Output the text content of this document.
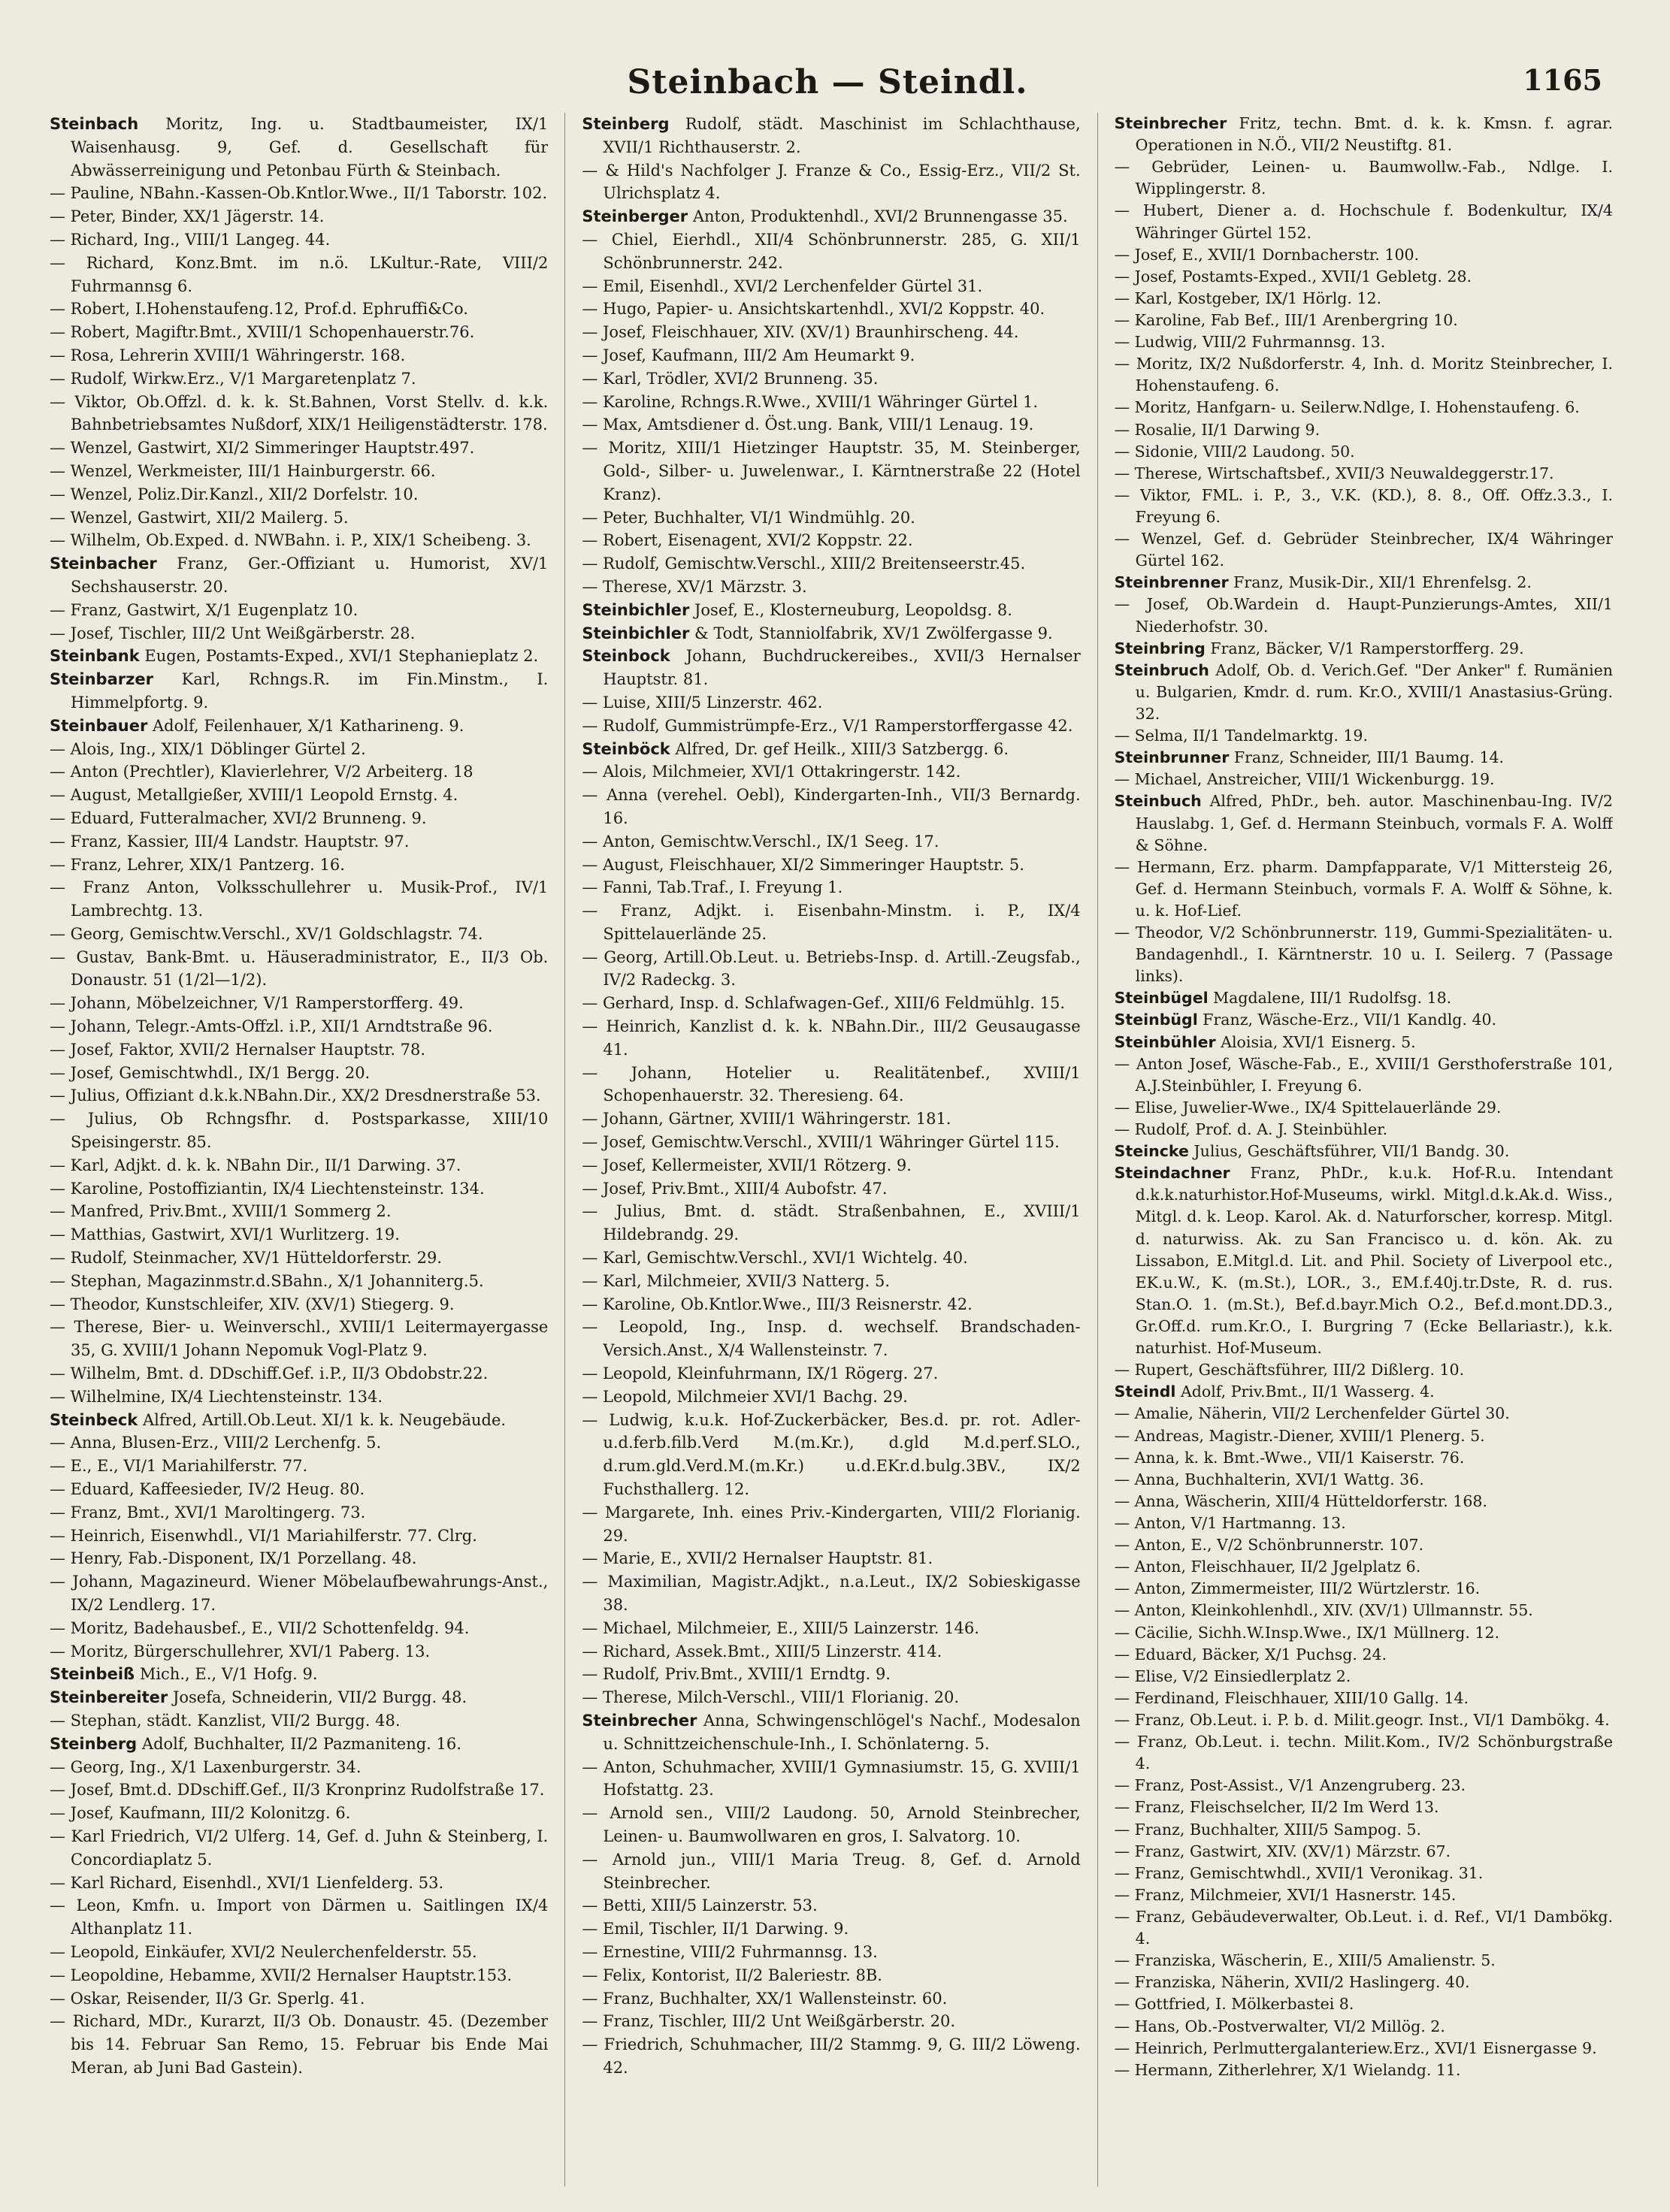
Steinbach — Steindl.	1165

Steinbach Moritz, Ing. u. Stadtbaumeister, IX/1 Waisenhausg. 9, Gef. d. Gesellschaft für Abwässerreinigung und Petonbau Fürth & Steinbach.

— Pauline, NBahn.-Kassen-Ob.Kntlor.Wwe., II/1 Taborstr. 102.

— Peter, Binder, XX/1 Jägerstr. 14.

— Richard, Ing., VIII/1 Langeg. 44.

— Richard, Konz.Bmt. im n.ö. LKultur.-Rate, VIII/2 Fuhrmannsg 6.

— Robert, I.Hohenstaufeng.12, Prof.d. Ephruffi&Co.

— Robert, Magiftr.Bmt., XVIII/1 Schopenhauerstr.76.

— Rosa, Lehrerin XVIII/1 Währingerstr. 168.

— Rudolf, Wirkw.Erz., V/1 Margaretenplatz 7.

— Viktor, Ob.Offzl. d. k. k. St.Bahnen, Vorst Stellv. d. k.k. Bahnbetriebsamtes Nußdorf, XIX/1 Heiligenstädterstr. 178.

— Wenzel, Gastwirt, XI/2 Simmeringer Hauptstr.497.

— Wenzel, Werkmeister, III/1 Hainburgerstr. 66.

— Wenzel, Poliz.Dir.Kanzl., XII/2 Dorfelstr. 10.

— Wenzel, Gastwirt, XII/2 Mailerg. 5.

— Wilhelm, Ob.Exped. d. NWBahn. i. P., XIX/1 Scheibeng. 3.

Steinbacher Franz, Ger.-Offiziant u. Humorist, XV/1 Sechshauserstr. 20.

— Franz, Gastwirt, X/1 Eugenplatz 10.

— Josef, Tischler, III/2 Unt Weißgärberstr. 28.

Steinbank Eugen, Postamts-Exped., XVI/1 Stephanieplatz 2.

Steinbarzer Karl, Rchngs.R. im Fin.Minstm., I. Himmelpfortg. 9.

Steinbauer Adolf, Feilenhauer, X/1 Katharineng. 9.

— Alois, Ing., XIX/1 Döblinger Gürtel 2.

— Anton (Prechtler), Klavierlehrer, V/2 Arbeiterg. 18

— August, Metallgießer, XVIII/1 Leopold Ernstg. 4.

— Eduard, Futteralmacher, XVI/2 Brunneng. 9.

— Franz, Kassier, III/4 Landstr. Hauptstr. 97.

— Franz, Lehrer, XIX/1 Pantzerg. 16.

— Franz Anton, Volksschullehrer u. Musik-Prof., IV/1 Lambrechtg. 13.

— Georg, Gemischtw.Verschl., XV/1 Goldschlagstr. 74.

— Gustav, Bank-Bmt. u. Häuseradministrator, E., II/3 Ob. Donaustr. 51 (1/2l—1/2).

— Johann, Möbelzeichner, V/1 Ramperstorfferg. 49.

— Johann, Telegr.-Amts-Offzl. i.P., XII/1 Arndtstraße 96.

— Josef, Faktor, XVII/2 Hernalser Hauptstr. 78.

— Josef, Gemischtwhdl., IX/1 Bergg. 20.

— Julius, Offiziant d.k.k.NBahn.Dir., XX/2 Dresdnerstraße 53.

— Julius, Ob Rchngsfhr. d. Postsparkasse, XIII/10 Speisingerstr. 85.

— Karl, Adjkt. d. k. k. NBahn Dir., II/1 Darwing. 37.

— Karoline, Postoffiziantin, IX/4 Liechtensteinstr. 134.

— Manfred, Priv.Bmt., XVIII/1 Sommerg 2.

— Matthias, Gastwirt, XVI/1 Wurlitzerg. 19.

— Rudolf, Steinmacher, XV/1 Hütteldorferstr. 29.

— Stephan, Magazinmstr.d.SBahn., X/1 Johanniterg.5.

— Theodor, Kunstschleifer, XIV. (XV/1) Stiegerg. 9.

— Therese, Bier- u. Weinverschl., XVIII/1 Leitermayergasse 35, G. XVIII/1 Johann Nepomuk Vogl-Platz 9.

— Wilhelm, Bmt. d. DDschiff.Gef. i.P., II/3 Obdobstr.22.

— Wilhelmine, IX/4 Liechtensteinstr. 134.

Steinbeck Alfred, Artill.Ob.Leut. XI/1 k. k. Neugebäude.

— Anna, Blusen-Erz., VIII/2 Lerchenfg. 5.

— E., E., VI/1 Mariahilferstr. 77.

— Eduard, Kaffeesieder, IV/2 Heug. 80.

— Franz, Bmt., XVI/1 Maroltingerg. 73.

— Heinrich, Eisenwhdl., VI/1 Mariahilferstr. 77. Clrg.

— Henry, Fab.-Disponent, IX/1 Porzellang. 48.

— Johann, Magazineurd. Wiener Möbelaufbewahrungs-Anst., IX/2 Lendlerg. 17.

— Moritz, Badehausbef., E., VII/2 Schottenfeldg. 94.

— Moritz, Bürgerschullehrer, XVI/1 Paberg. 13.

Steinbeiß Mich., E., V/1 Hofg. 9.

Steinbereiter Josefa, Schneiderin, VII/2 Burgg. 48.

— Stephan, städt. Kanzlist, VII/2 Burgg. 48.

Steinberg Adolf, Buchhalter, II/2 Pazmaniteng. 16.

— Georg, Ing., X/1 Laxenburgerstr. 34.

— Josef, Bmt.d. DDschiff.Gef., II/3 Kronprinz Rudolfstraße 17.

— Josef, Kaufmann, III/2 Kolonitzg. 6.

— Karl Friedrich, VI/2 Ulferg. 14, Gef. d. Juhn & Steinberg, I. Concordiaplatz 5.

— Karl Richard, Eisenhdl., XVI/1 Lienfelderg. 53.

— Leon, Kmfn. u. Import von Därmen u. Saitlingen IX/4 Althanplatz 11.

— Leopold, Einkäufer, XVI/2 Neulerchenfelderstr. 55.

— Leopoldine, Hebamme, XVII/2 Hernalser Hauptstr.153.

— Oskar, Reisender, II/3 Gr. Sperlg. 41.

— Richard, MDr., Kurarzt, II/3 Ob. Donaustr. 45. (Dezember bis 14. Februar San Remo, 15. Februar bis Ende Mai Meran, ab Juni Bad Gastein).

Steinberg Rudolf, städt. Maschinist im Schlachthause, XVII/1 Richthauserstr. 2.

— & Hild's Nachfolger J. Franze & Co., Essig-Erz., VII/2 St. Ulrichsplatz 4.

Steinberger Anton, Produktenhdl., XVI/2 Brunnengasse 35.

— Chiel, Eierhdl., XII/4 Schönbrunnerstr. 285, G. XII/1 Schönbrunnerstr. 242.

— Emil, Eisenhdl., XVI/2 Lerchenfelder Gürtel 31.

— Hugo, Papier- u. Ansichtskartenhdl., XVI/2 Koppstr. 40.

— Josef, Fleischhauer, XIV. (XV/1) Braunhirscheng. 44.

— Josef, Kaufmann, III/2 Am Heumarkt 9.

— Karl, Trödler, XVI/2 Brunneng. 35.

— Karoline, Rchngs.R.Wwe., XVIII/1 Währinger Gürtel 1.

— Max, Amtsdiener d. Öst.ung. Bank, VIII/1 Lenaug. 19.

— Moritz, XIII/1 Hietzinger Hauptstr. 35, M. Steinberger, Gold-, Silber- u. Juwelenwar., I. Kärntnerstraße 22 (Hotel Kranz).

— Peter, Buchhalter, VI/1 Windmühlg. 20.

— Robert, Eisenagent, XVI/2 Koppstr. 22.

— Rudolf, Gemischtw.Verschl., XIII/2 Breitenseerstr.45.

— Therese, XV/1 Märzstr. 3.

Steinbichler Josef, E., Klosterneuburg, Leopoldsg. 8.

Steinbichler & Todt, Stanniolfabrik, XV/1 Zwölfergasse 9.

Steinbock Johann, Buchdruckereibes., XVII/3 Hernalser Hauptstr. 81.

— Luise, XIII/5 Linzerstr. 462.

— Rudolf, Gummistrümpfe-Erz., V/1 Ramperstorffergasse 42.

Steinböck Alfred, Dr. gef Heilk., XIII/3 Satzbergg. 6.

— Alois, Milchmeier, XVI/1 Ottakringerstr. 142.

— Anna (verehel. Oebl), Kindergarten-Inh., VII/3 Bernardg. 16.

— Anton, Gemischtw.Verschl., IX/1 Seeg. 17.

— August, Fleischhauer, XI/2 Simmeringer Hauptstr. 5.

— Fanni, Tab.Traf., I. Freyung 1.

— Franz, Adjkt. i. Eisenbahn-Minstm. i. P., IX/4 Spittelauerlände 25.

— Georg, Artill.Ob.Leut. u. Betriebs-Insp. d. Artill.-Zeugsfab., IV/2 Radeckg. 3.

— Gerhard, Insp. d. Schlafwagen-Gef., XIII/6 Feldmühlg. 15.

— Heinrich, Kanzlist d. k. k. NBahn.Dir., III/2 Geusaugasse 41.

— Johann, Hotelier u. Realitätenbef., XVIII/1 Schopenhauerstr. 32. Theresieng. 64.

— Johann, Gärtner, XVIII/1 Währingerstr. 181.

— Josef, Gemischtw.Verschl., XVIII/1 Währinger Gürtel 115.

— Josef, Kellermeister, XVII/1 Rötzerg. 9.

— Josef, Priv.Bmt., XIII/4 Aubofstr. 47.

— Julius, Bmt. d. städt. Straßenbahnen, E., XVIII/1 Hildebrandg. 29.

— Karl, Gemischtw.Verschl., XVI/1 Wichtelg. 40.

— Karl, Milchmeier, XVII/3 Natterg. 5.

— Karoline, Ob.Kntlor.Wwe., III/3 Reisnerstr. 42.

— Leopold, Ing., Insp. d. wechself. Brandschaden-Versich.Anst., X/4 Wallensteinstr. 7.

— Leopold, Kleinfuhrmann, IX/1 Rögerg. 27.

— Leopold, Milchmeier XVI/1 Bachg. 29.

— Ludwig, k.u.k. Hof-Zuckerbäcker, Bes.d. pr. rot. Adler-u.d.ferb.filb.Verd M.(m.Kr.), d.gld M.d.perf.SLO., d.rum.gld.Verd.M.(m.Kr.) u.d.EKr.d.bulg.3BV., IX/2 Fuchsthallerg. 12.

— Margarete, Inh. eines Priv.-Kindergarten, VIII/2 Florianig. 29.

— Marie, E., XVII/2 Hernalser Hauptstr. 81.

— Maximilian, Magistr.Adjkt., n.a.Leut., IX/2 Sobieskigasse 38.

— Michael, Milchmeier, E., XIII/5 Lainzerstr. 146.

— Richard, Assek.Bmt., XIII/5 Linzerstr. 414.

— Rudolf, Priv.Bmt., XVIII/1 Erndtg. 9.

— Therese, Milch-Verschl., VIII/1 Florianig. 20.

Steinbrecher Anna, Schwingenschlögel's Nachf., Modesalon u. Schnittzeichenschule-Inh., I. Schönlaterng. 5.

— Anton, Schuhmacher, XVIII/1 Gymnasiumstr. 15, G. XVIII/1 Hofstattg. 23.

— Arnold sen., VIII/2 Laudong. 50, Arnold Steinbrecher, Leinen- u. Baumwollwaren en gros, I. Salvatorg. 10.

— Arnold jun., VIII/1 Maria Treug. 8, Gef. d. Arnold Steinbrecher.

— Betti, XIII/5 Lainzerstr. 53.

— Emil, Tischler, II/1 Darwing. 9.

— Ernestine, VIII/2 Fuhrmannsg. 13.

— Felix, Kontorist, II/2 Baleriestr. 8B.

— Franz, Buchhalter, XX/1 Wallensteinstr. 60.

— Franz, Tischler, III/2 Unt Weißgärberstr. 20.

— Friedrich, Schuhmacher, III/2 Stammg. 9, G. III/2 Löweng. 42.

Steinbrecher Fritz, techn. Bmt. d. k. k. Kmsn. f. agrar. Operationen in N.Ö., VII/2 Neustiftg. 81.

— Gebrüder, Leinen- u. Baumwollw.-Fab., Ndlge. I. Wipplingerstr. 8.

— Hubert, Diener a. d. Hochschule f. Bodenkultur, IX/4 Währinger Gürtel 152.

— Josef, E., XVII/1 Dornbacherstr. 100.

— Josef, Postamts-Exped., XVII/1 Gebletg. 28.

— Karl, Kostgeber, IX/1 Hörlg. 12.

— Karoline, Fab Bef., III/1 Arenbergring 10.

— Ludwig, VIII/2 Fuhrmannsg. 13.

— Moritz, IX/2 Nußdorferstr. 4, Inh. d. Moritz Steinbrecher, I. Hohenstaufeng. 6.

— Moritz, Hanfgarn- u. Seilerw.Ndlge, I. Hohenstaufeng. 6.

— Rosalie, II/1 Darwing 9.

— Sidonie, VIII/2 Laudong. 50.

— Therese, Wirtschaftsbef., XVII/3 Neuwaldeggerstr.17.

— Viktor, FML. i. P., 3., V.K. (KD.), 8. 8., Off. Offz.3.3., I. Freyung 6.

— Wenzel, Gef. d. Gebrüder Steinbrecher, IX/4 Währinger Gürtel 162.

Steinbrenner Franz, Musik-Dir., XII/1 Ehrenfelsg. 2.

— Josef, Ob.Wardein d. Haupt-Punzierungs-Amtes, XII/1 Niederhofstr. 30.

Steinbring Franz, Bäcker, V/1 Ramperstorfferg. 29.

Steinbruch Adolf, Ob. d. Verich.Gef. "Der Anker" f. Rumänien u. Bulgarien, Kmdr. d. rum. Kr.O., XVIII/1 Anastasius-Grüng. 32.

— Selma, II/1 Tandelmarktg. 19.

Steinbrunner Franz, Schneider, III/1 Baumg. 14.

— Michael, Anstreicher, VIII/1 Wickenburgg. 19.

Steinbuch Alfred, PhDr., beh. autor. Maschinenbau-Ing. IV/2 Hauslabg. 1, Gef. d. Hermann Steinbuch, vormals F. A. Wolff & Söhne.

— Hermann, Erz. pharm. Dampfapparate, V/1 Mittersteig 26, Gef. d. Hermann Steinbuch, vormals F. A. Wolff & Söhne, k. u. k. Hof-Lief.

— Theodor, V/2 Schönbrunnerstr. 119, Gummi-Spezialitäten- u. Bandagenhdl., I. Kärntnerstr. 10 u. I. Seilerg. 7 (Passage links).

Steinbügel Magdalene, III/1 Rudolfsg. 18.

Steinbügl Franz, Wäsche-Erz., VII/1 Kandlg. 40.

Steinbühler Aloisia, XVI/1 Eisnerg. 5.

— Anton Josef, Wäsche-Fab., E., XVIII/1 Gersthoferstraße 101, A.J.Steinbühler, I. Freyung 6.

— Elise, Juwelier-Wwe., IX/4 Spittelauerlände 29.

— Rudolf, Prof. d. A. J. Steinbühler.

Steincke Julius, Geschäftsführer, VII/1 Bandg. 30.

Steindachner Franz, PhDr., k.u.k. Hof-R.u. Intendant d.k.k.naturhistor.Hof-Museums, wirkl. Mitgl.d.k.Ak.d. Wiss., Mitgl. d. k. Leop. Karol. Ak. d. Naturforscher, korresp. Mitgl. d. naturwiss. Ak. zu San Francisco u. d. kön. Ak. zu Lissabon, E.Mitgl.d. Lit. and Phil. Society of Liverpool etc., EK.u.W., K. (m.St.), LOR., 3., EM.f.40j.tr.Dste, R. d. rus. Stan.O. 1. (m.St.), Bef.d.bayr.Mich O.2., Bef.d.mont.DD.3., Gr.Off.d. rum.Kr.O., I. Burgring 7 (Ecke Bellariastr.), k.k. naturhist. Hof-Museum.

— Rupert, Geschäftsführer, III/2 Dißlerg. 10.

Steindl Adolf, Priv.Bmt., II/1 Wasserg. 4.

— Amalie, Näherin, VII/2 Lerchenfelder Gürtel 30.

— Andreas, Magistr.-Diener, XVIII/1 Plenerg. 5.

— Anna, k. k. Bmt.-Wwe., VII/1 Kaiserstr. 76.

— Anna, Buchhalterin, XVI/1 Wattg. 36.

— Anna, Wäscherin, XIII/4 Hütteldorferstr. 168.

— Anton, V/1 Hartmanng. 13.

— Anton, E., V/2 Schönbrunnerstr. 107.

— Anton, Fleischhauer, II/2 Jgelplatz 6.

— Anton, Zimmermeister, III/2 Würtzlerstr. 16.

— Anton, Kleinkohlenhdl., XIV. (XV/1) Ullmannstr. 55.

— Cäcilie, Sichh.W.Insp.Wwe., IX/1 Müllnerg. 12.

— Eduard, Bäcker, X/1 Puchsg. 24.

— Elise, V/2 Einsiedlerplatz 2.

— Ferdinand, Fleischhauer, XIII/10 Gallg. 14.

— Franz, Ob.Leut. i. P. b. d. Milit.geogr. Inst., VI/1 Dambökg. 4.

— Franz, Ob.Leut. i. techn. Milit.Kom., IV/2 Schönburgstraße 4.

— Franz, Post-Assist., V/1 Anzengruberg. 23.

— Franz, Fleischselcher, II/2 Im Werd 13.

— Franz, Buchhalter, XIII/5 Sampog. 5.

— Franz, Gastwirt, XIV. (XV/1) Märzstr. 67.

— Franz, Gemischtwhdl., XVII/1 Veronikag. 31.

— Franz, Milchmeier, XVI/1 Hasnerstr. 145.

— Franz, Gebäudeverwalter, Ob.Leut. i. d. Ref., VI/1 Dambökg. 4.

— Franziska, Wäscherin, E., XIII/5 Amalienstr. 5.

— Franziska, Näherin, XVII/2 Haslingerg. 40.

— Gottfried, I. Mölkerbastei 8.

— Hans, Ob.-Postverwalter, VI/2 Millög. 2.

— Heinrich, Perlmuttergalanteriew.Erz., XVI/1 Eisnergasse 9.

— Hermann, Zitherlehrer, X/1 Wielandg. 11.
